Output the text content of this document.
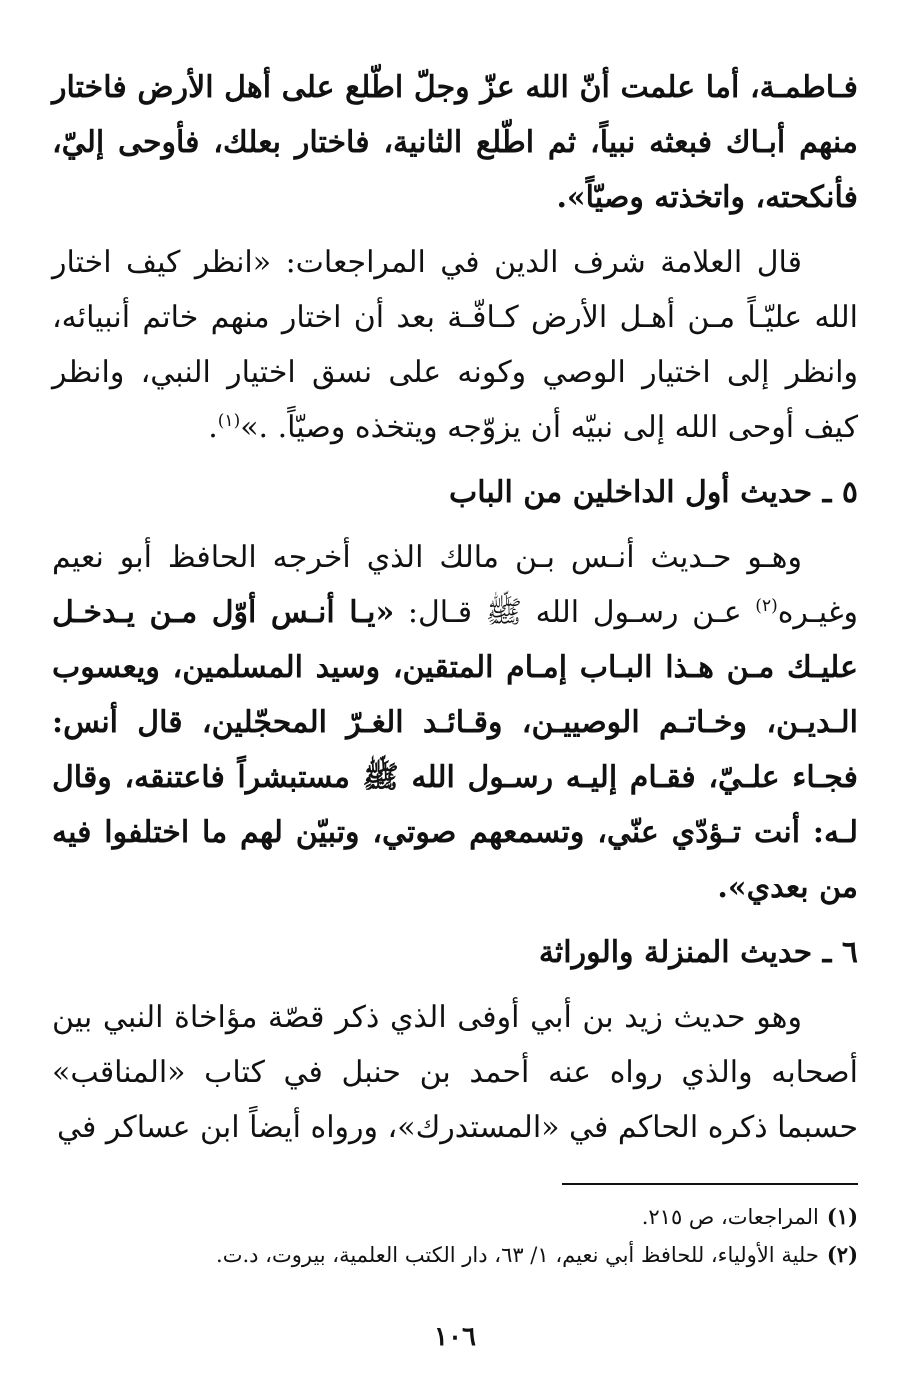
فـاطمـة، أما علمت أنّ الله عزّ وجلّ اطّلع على أهل الأرض فاختار منهم أبـاك فبعثه نبياً، ثم اطّلع الثانية، فاختار بعلك، فأوحى إليّ، فأنكحته، واتخذته وصيّاً».

قال العلامة شرف الدين في المراجعات: «انظر كيف اختار الله عليّـاً مـن أهـل الأرض كـافّـة بعد أن اختار منهم خاتم أنبيائه، وانظر إلى اختيار الوصي وكونه على نسق اختيار النبي، وانظر كيف أوحى الله إلى نبيّه أن يزوّجه ويتخذه وصيّاً. .»$^{(١)}$.

٥ ـ حديث أول الداخلين من الباب

وهـو حـديث أنـس بـن مالك الذي أخرجه الحافظ أبو نعيم وغيـره$^{(٢)}$ عـن رسـول الله ﷺ قـال: «يـا أنـس أوّل مـن يـدخـل عليـك مـن هـذا البـاب إمـام المتقين، وسيد المسلمين، ويعسوب الـديـن، وخـاتـم الوصييـن، وقـائـد الغـرّ المحجّلين، قال أنس: فجـاء علـيّ، فقـام إليـه رسـول الله ﷺ مستبشراً فاعتنقه، وقال لـه: أنت تـؤدّي عنّي، وتسمعهم صوتي، وتبيّن لهم ما اختلفوا فيه من بعدي».

٦ ـ حديث المنزلة والوراثة

وهو حديث زيد بن أبي أوفى الذي ذكر قصّة مؤاخاة النبي بين أصحابه والذي رواه عنه أحمد بن حنبل في كتاب «المناقب» حسبما ذكره الحاكم في «المستدرك»، ورواه أيضاً ابن عساكر في

(١)المراجعات، ص ٢١٥.

(٢)حلية الأولياء، للحافظ أبي نعيم، ١/ ٦٣، دار الكتب العلمية، بيروت، د.ت.

١٠٦
